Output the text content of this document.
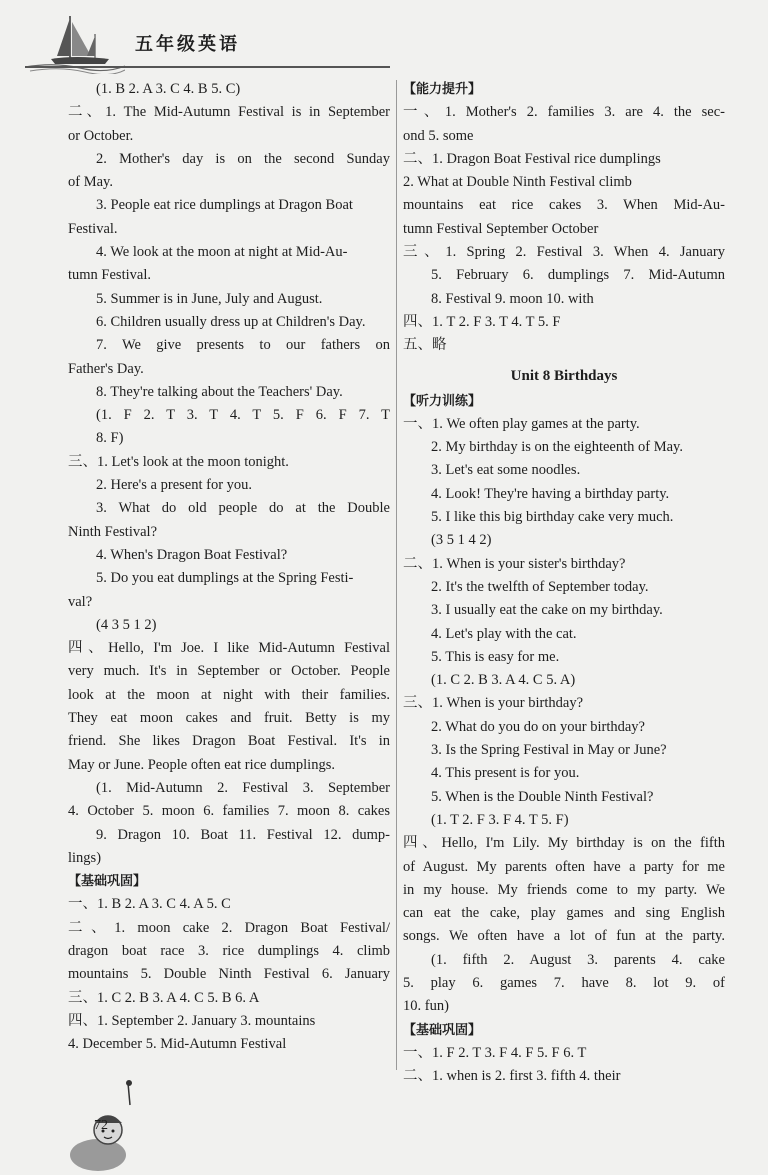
五年级英语
(1. B 2. A 3. C 4. B 5. C)
二、1. The Mid-Autumn Festival is in September
or October.
2. Mother's day is on the second Sunday
of May.
3. People eat rice dumplings at Dragon Boat
Festival.
4. We look at the moon at night at Mid-Au-
tumn Festival.
5. Summer is in June, July and August.
6. Children usually dress up at Children's Day.
7. We give presents to our fathers on
Father's Day.
8. They're talking about the Teachers' Day.
(1. F 2. T 3. T 4. T 5. F 6. F 7. T
8. F)
三、1. Let's look at the moon tonight.
2. Here's a present for you.
3. What do old people do at the Double
Ninth Festival?
4. When's Dragon Boat Festival?
5. Do you eat dumplings at the Spring Festi-
val?
(4 3 5 1 2)
四、Hello, I'm Joe. I like Mid-Autumn Festival
very much. It's in September or October. People
look at the moon at night with their families.
They eat moon cakes and fruit. Betty is my
friend. She likes Dragon Boat Festival. It's in
May or June. People often eat rice dumplings.
(1. Mid-Autumn 2. Festival 3. September
4. October 5. moon 6. families 7. moon 8. cakes
9. Dragon 10. Boat 11. Festival 12. dump-
lings)
【基础巩固】
一、1. B 2. A 3. C 4. A 5. C
二、1. moon cake 2. Dragon Boat Festival/
dragon boat race 3. rice dumplings 4. climb
mountains 5. Double Ninth Festival 6. January
三、1. C 2. B 3. A 4. C 5. B 6. A
四、1. September 2. January 3. mountains
4. December 5. Mid-Autumn Festival
【能力提升】
一、1. Mother's 2. families 3. are 4. the sec-
ond 5. some
二、1. Dragon Boat Festival rice dumplings
2. What at Double Ninth Festival climb
mountains eat rice cakes 3. When Mid-Au-
tumn Festival September October
三、1. Spring 2. Festival 3. When 4. January
5. February 6. dumplings 7. Mid-Autumn
8. Festival 9. moon 10. with
四、1. T 2. F 3. T 4. T 5. F
五、略
Unit 8 Birthdays
【听力训练】
一、1. We often play games at the party.
2. My birthday is on the eighteenth of May.
3. Let's eat some noodles.
4. Look! They're having a birthday party.
5. I like this big birthday cake very much.
(3 5 1 4 2)
二、1. When is your sister's birthday?
2. It's the twelfth of September today.
3. I usually eat the cake on my birthday.
4. Let's play with the cat.
5. This is easy for me.
(1. C 2. B 3. A 4. C 5. A)
三、1. When is your birthday?
2. What do you do on your birthday?
3. Is the Spring Festival in May or June?
4. This present is for you.
5. When is the Double Ninth Festival?
(1. T 2. F 3. F 4. T 5. F)
四、Hello, I'm Lily. My birthday is on the fifth
of August. My parents often have a party for me
in my house. My friends come to my party. We
can eat the cake, play games and sing English
songs. We often have a lot of fun at the party.
(1. fifth 2. August 3. parents 4. cake
5. play 6. games 7. have 8. lot 9. of
10. fun)
【基础巩固】
一、1. F 2. T 3. F 4. F 5. F 6. T
二、1. when is 2. first 3. fifth 4. their
72
